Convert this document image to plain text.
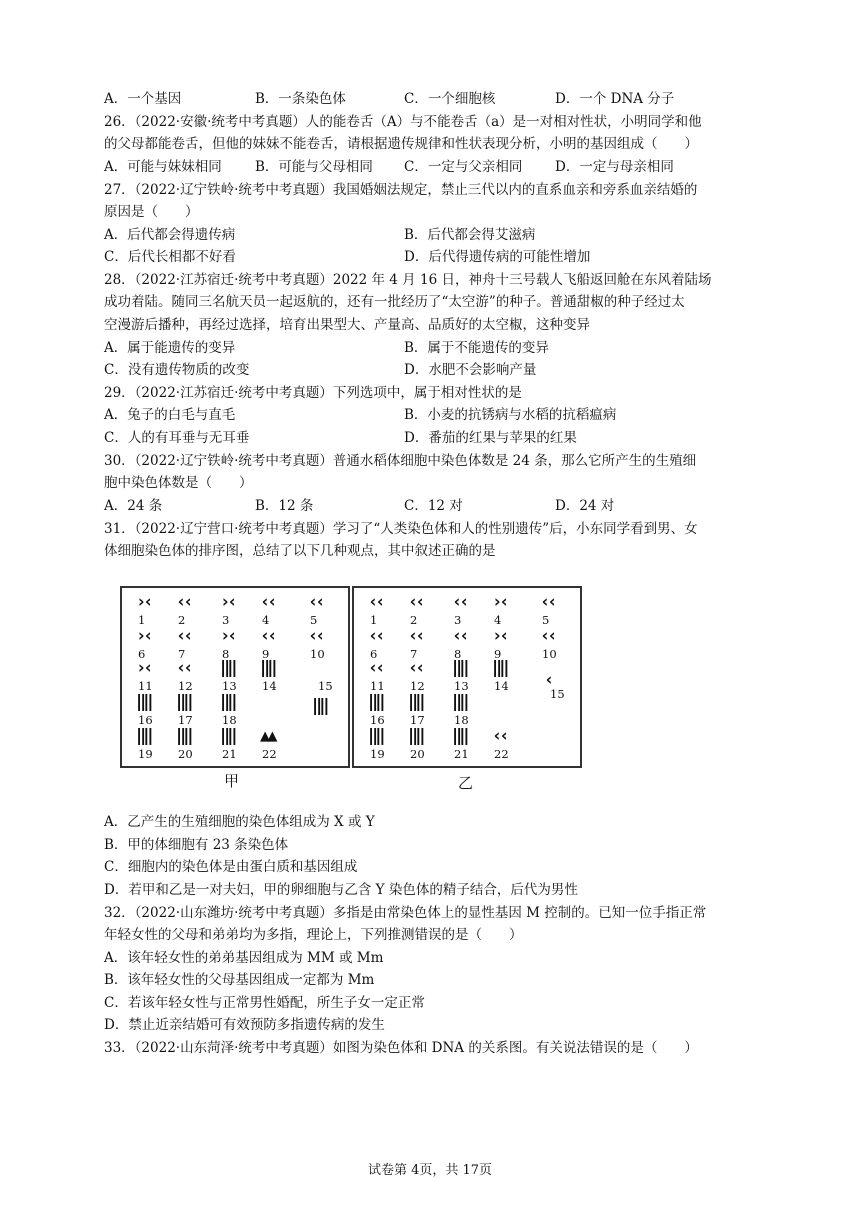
A．一个基因	B．一条染色体	C．一个细胞核	D．一个 DNA 分子
26．（2022·安徽·统考中考真题）人的能卷舌（A）与不能卷舌（a）是一对相对性状，小明同学和他
的父母都能卷舌，但他的妹妹不能卷舌，请根据遗传规律和性状表现分析，小明的基因组成（　　）
A．可能与妹妹相同 B．可能与父母相同 C．一定与父亲相同 D．一定与母亲相同
27．（2022·辽宁铁岭·统考中考真题）我国婚姻法规定，禁止三代以内的直系血亲和旁系血亲结婚的
原因是（　　）
A．后代都会得遗传病	B．后代都会得艾滋病
C．后代长相都不好看	D．后代得遗传病的可能性增加
28．（2022·江苏宿迁·统考中考真题）2022 年 4 月 16 日，神舟十三号载人飞船返回舱在东风着陆场
成功着陆。随同三名航天员一起返航的，还有一批经历了“太空游”的种子。普通甜椒的种子经过太
空漫游后播种，再经过选择，培育出果型大、产量高、品质好的太空椒，这种变异
A．属于能遗传的变异	B．属于不能遗传的变异
C．没有遗传物质的改变	D．水肥不会影响产量
29．（2022·江苏宿迁·统考中考真题）下列选项中，属于相对性状的是
A．兔子的白毛与直毛	B．小麦的抗锈病与水稻的抗稻瘟病
C．人的有耳垂与无耳垂	D．番茄的红果与苹果的红果
30．（2022·辽宁铁岭·统考中考真题）普通水稻体细胞中染色体数是 24 条，那么它所产生的生殖细
胞中染色体数是（　　）
A．24 条	B．12 条	C．12 对	D．24 对
31．（2022·辽宁营口·统考中考真题）学习了“人类染色体和人的性别遗传”后，小东同学看到男、女
体细胞染色体的排序图，总结了以下几种观点，其中叙述正确的是
›‹
1
‹‹
2
›‹
3
‹‹
4
‹‹
5
›‹
6
‹‹
7
›‹
8
‹‹
9
‹‹
10
›‹
11
‹‹
12
‖‖
13
‖‖
14
‖‖
16
‖‖
17
‖‖
18
‖‖
19
‖‖
20
‖‖
21
▲▲
22
‖‖
15
‹‹
1
‹‹
2
‹‹
3
›‹
4
‹‹
5
‹‹
6
‹‹
7
‹‹
8
›‹
9
‹‹
10
‹‹
11
‹‹
12
‖‖
13
‖‖
14
‖‖
16
‖‖
17
‖‖
18
‖‖
19
‖‖
20
‖‖
21
‹‹
22
‹
15
甲	乙
A．乙产生的生殖细胞的染色体组成为 X 或 Y
B．甲的体细胞有 23 条染色体
C．细胞内的染色体是由蛋白质和基因组成
D．若甲和乙是一对夫妇，甲的卵细胞与乙含 Y 染色体的精子结合，后代为男性
32．（2022·山东潍坊·统考中考真题）多指是由常染色体上的显性基因 M 控制的。已知一位手指正常
年轻女性的父母和弟弟均为多指，理论上，下列推测错误的是（　　）
A．该年轻女性的弟弟基因组成为 MM 或 Mm
B．该年轻女性的父母基因组成一定都为 Mm
C．若该年轻女性与正常男性婚配，所生子女一定正常
D．禁止近亲结婚可有效预防多指遗传病的发生
33．（2022·山东菏泽·统考中考真题）如图为染色体和 DNA 的关系图。有关说法错误的是（　　）
试卷第 4页，共 17页
